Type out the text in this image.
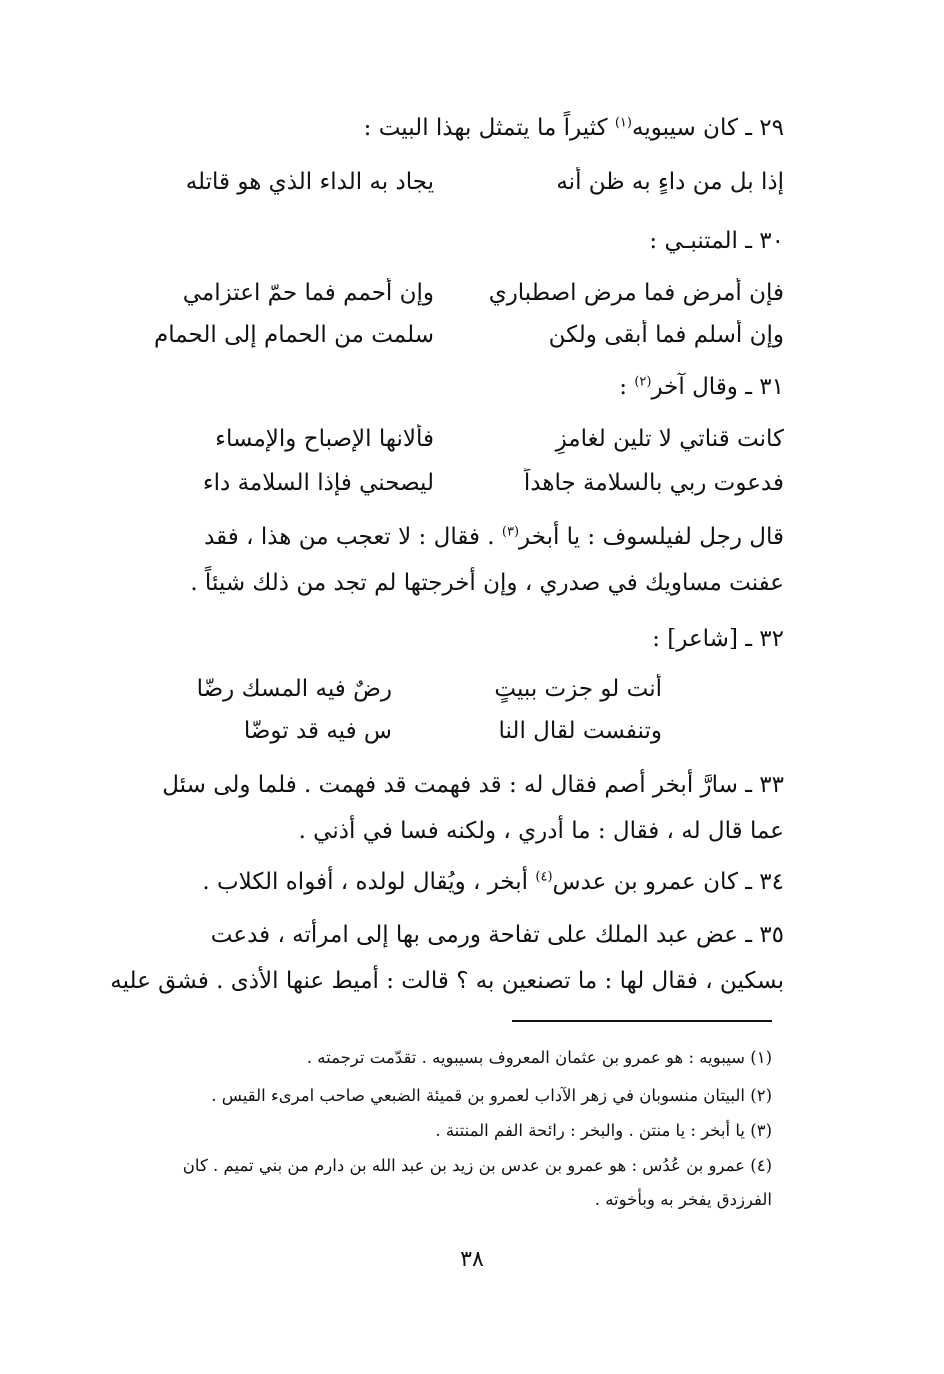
٢٩ ـ كان سيبويه$^{(١)}$ كثيراً ما يتمثل بهذا البيت :
إذا بل من داءٍ به ظن أنه
يجاد به الداء الذي هو قاتله
٣٠ ـ المتنبـي :
فإن أمرض فما مرض اصطباري
وإن أحمم فما حمّ اعتزامي
وإن أسلم فما أبقى ولكن
سلمت من الحمام إلى الحمام
٣١ ـ وقال آخر$^{(٢)}$ :
كانت قناتي لا تلين لغامزٍ
فألانها الإصباح والإمساء
فدعوت ربي بالسلامة جاهداً
ليصحني فإذا السلامة داء
قال رجل لفيلسوف : يا أبخر$^{(٣)}$ . فقال : لا تعجب من هذا ، فقد
عفنت مساويك في صدري ، وإن أخرجتها لم تجد من ذلك شيئاً .
٣٢ ـ [شاعر] :
أنت لو جزت ببيتٍ
رضٌ فيه المسك رضّا
وتنفست لقال النا
س فيه قد توضّا
٣٣ ـ سارَّ أبخر أصم فقال له : قد فهمت قد فهمت . فلما ولى سئل
عما قال له ، فقال : ما أدري ، ولكنه فسا في أذني .
٣٤ ـ كان عمرو بن عدس$^{(٤)}$ أبخر ، ويُقال لولده ، أفواه الكلاب .
٣٥ ـ عض عبد الملك على تفاحة ورمى بها إلى امرأته ، فدعت
بسكين ، فقال لها : ما تصنعين به ؟ قالت : أميط عنها الأذى . فشق عليه
(١) سيبويه : هو عمرو بن عثمان المعروف بسيبويه . تقدّمت ترجمته .
(٢) البيتان منسوبان في زهر الآداب لعمرو بن قميئة الضبعي صاحب امرىء القيس .
(٣) يا أبخر : يا منتن . والبخر : رائحة الفم المنتنة .
(٤) عمرو بن عُدُس : هو عمرو بن عدس بن زيد بن عبد الله بن دارم من بني تميم . كان
الفرزدق يفخر به وبأخوته .
٣٨
